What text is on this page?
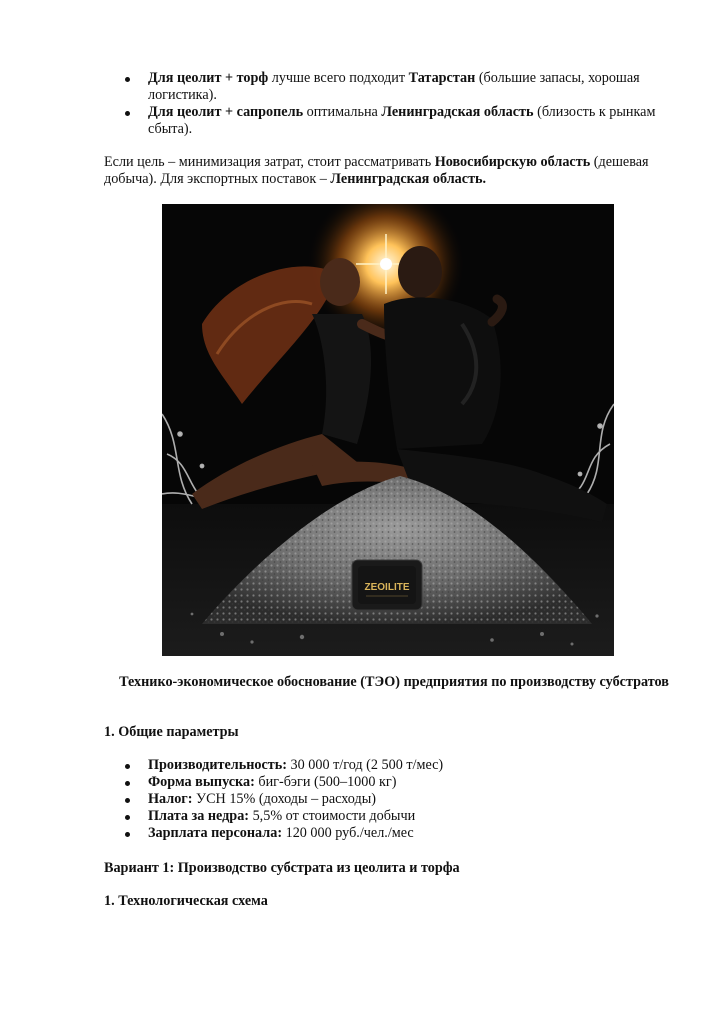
Для цеолит + торф лучше всего подходит Татарстан (большие запасы, хорошая логистика).
Для цеолит + сапропель оптимальна Ленинградская область (близость к рынкам сбыта).

Если цель – минимизация затрат, стоит рассматривать Новосибирскую область (дешевая добыча). Для экспортных поставок – Ленинградская область.

ZEOILITE
Технико-экономическое обоснование (ТЭО) предприятия по производству субстратов
1. Общие параметры
Производительность: 30 000 т/год (2 500 т/мес)
Форма выпуска: биг-бэги (500–1000 кг)
Налог: УСН 15% (доходы – расходы)
Плата за недра: 5,5% от стоимости добычи
Зарплата персонала: 120 000 руб./чел./мес
Вариант 1: Производство субстрата из цеолита и торфа
1. Технологическая схема
